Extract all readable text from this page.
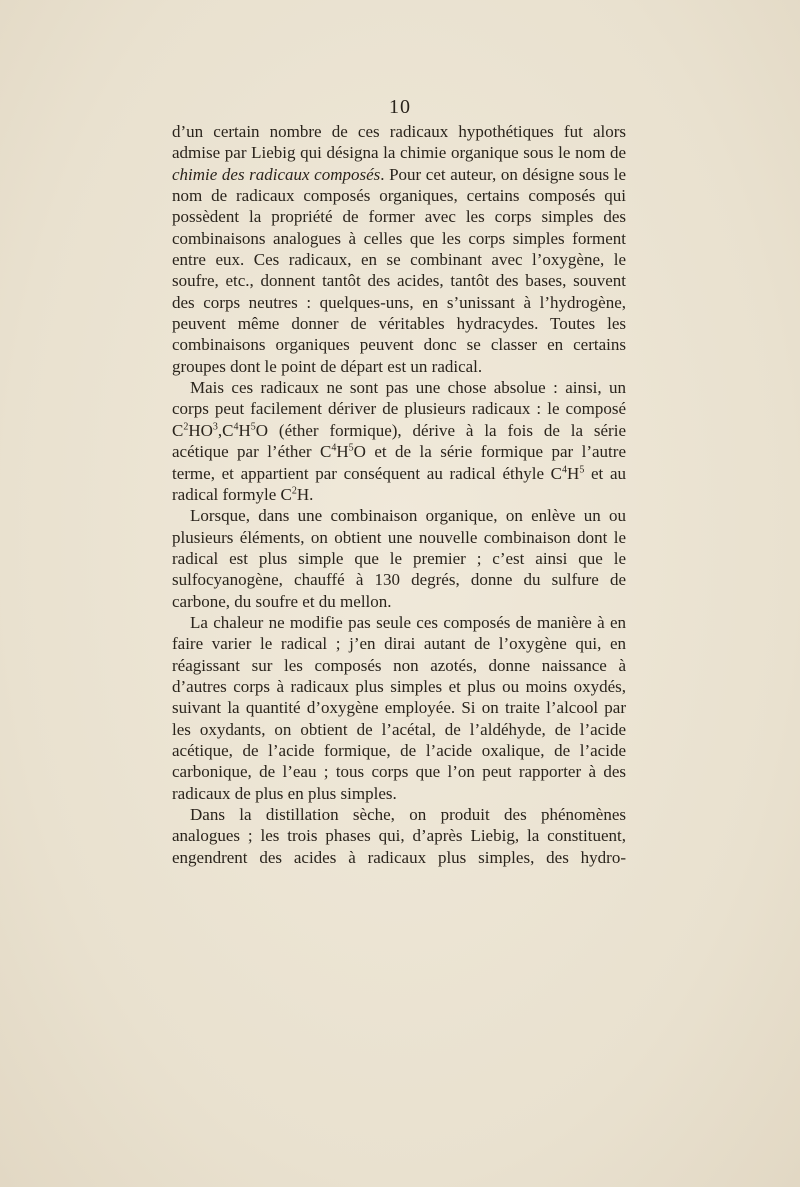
10

d’un certain nombre de ces radicaux hypothétiques fut alors admise par Liebig qui désigna la chimie organique sous le nom de chimie des radicaux composés. Pour cet auteur, on désigne sous le nom de radicaux composés organiques, certains composés qui possèdent la propriété de former avec les corps simples des combinaisons analogues à celles que les corps simples forment entre eux. Ces radicaux, en se combinant avec l’oxygène, le soufre, etc., donnent tantôt des acides, tantôt des bases, souvent des corps neutres : quelques-uns, en s’unissant à l’hydrogène, peuvent même donner de véritables hydracydes. Toutes les combinaisons organiques peuvent donc se classer en certains groupes dont le point de départ est un radical.

Mais ces radicaux ne sont pas une chose absolue : ainsi, un corps peut facilement dériver de plusieurs radicaux : le composé $C^2HO^3,C^4H^5O$ (éther formique), dérive à la fois de la série acétique par l’éther $C^4H^5O$ et de la série formique par l’autre terme, et appartient par conséquent au radical éthyle $C^4H^5$ et au radical formyle $C^2H$.

Lorsque, dans une combinaison organique, on enlève un ou plusieurs éléments, on obtient une nouvelle combinaison dont le radical est plus simple que le premier ; c’est ainsi que le sulfocyanogène, chauffé à 130 degrés, donne du sulfure de carbone, du soufre et du mellon.

La chaleur ne modifie pas seule ces composés de manière à en faire varier le radical ; j’en dirai autant de l’oxygène qui, en réagissant sur les composés non azotés, donne naissance à d’autres corps à radicaux plus simples et plus ou moins oxydés, suivant la quantité d’oxygène employée. Si on traite l’alcool par les oxydants, on obtient de l’acétal, de l’aldéhyde, de l’acide acétique, de l’acide formique, de l’acide oxalique, de l’acide carbonique, de l’eau ; tous corps que l’on peut rapporter à des radicaux de plus en plus simples.

Dans la distillation sèche, on produit des phénomènes analogues ; les trois phases qui, d’après Liebig, la constituent, engendrent des acides à radicaux plus simples, des hydro-
